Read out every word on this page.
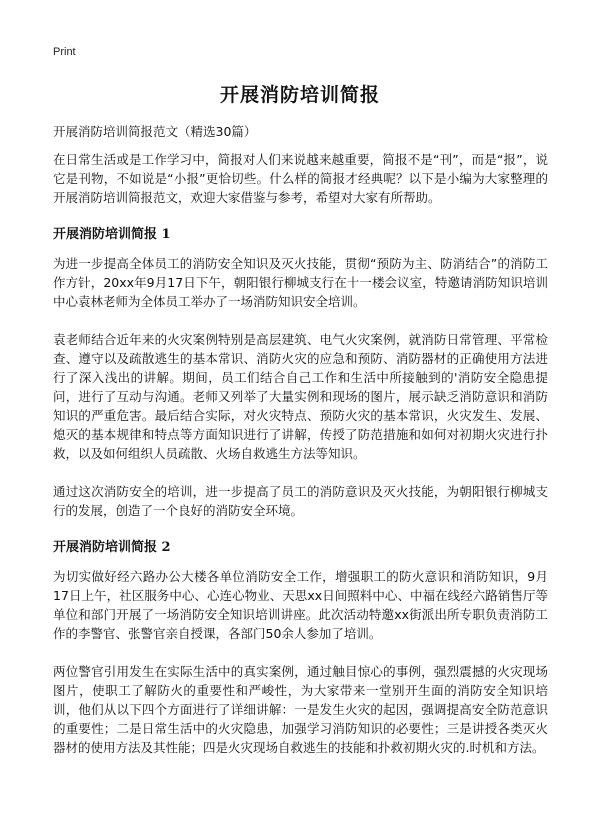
Print
开展消防培训简报
开展消防培训简报范文（精选30篇）

在日常生活或是工作学习中，简报对人们来说越来越重要，简报不是“刊”，而是“报”，说它是刊物，不如说是“小报”更恰切些。什么样的简报才经典呢？以下是小编为大家整理的开展消防培训简报范文，欢迎大家借鉴与参考，希望对大家有所帮助。

开展消防培训简报 1

为进一步提高全体员工的消防安全知识及灭火技能，贯彻“预防为主、防消结合”的消防工作方针，20xx年9月17日下午，朝阳银行柳城支行在十一楼会议室，特邀请消防知识培训中心袁林老师为全体员工举办了一场消防知识安全培训。

袁老师结合近年来的火灾案例特别是高层建筑、电气火灾案例，就消防日常管理、平常检查、遵守以及疏散逃生的基本常识、消防火灾的应急和预防、消防器材的正确使用方法进行了深入浅出的讲解。期间，员工们结合自己工作和生活中所接触到的'消防安全隐患提问，进行了互动与沟通。老师又列举了大量实例和现场的图片，展示缺乏消防意识和消防知识的严重危害。最后结合实际，对火灾特点、预防火灾的基本常识，火灾发生、发展、熄灭的基本规律和特点等方面知识进行了讲解，传授了防范措施和如何对初期火灾进行扑救，以及如何组织人员疏散、火场自救逃生方法等知识。

通过这次消防安全的培训，进一步提高了员工的消防意识及灭火技能，为朝阳银行柳城支行的发展，创造了一个良好的消防安全环境。

开展消防培训简报 2

为切实做好经六路办公大楼各单位消防安全工作，增强职工的防火意识和消防知识，9月17日上午，社区服务中心、心连心物业、天思xx日间照料中心、中福在线经六路销售厅等单位和部门开展了一场消防安全知识培训讲座。此次活动特邀xx街派出所专职负责消防工作的李警官、张警官亲自授课，各部门50余人参加了培训。

两位警官引用发生在实际生活中的真实案例，通过触目惊心的事例，强烈震撼的火灾现场图片，使职工了解防火的重要性和严峻性，为大家带来一堂别开生面的消防安全知识培训，他们从以下四个方面进行了详细讲解：一是发生火灾的起因，强调提高安全防范意识的重要性；二是日常生活中的火灾隐患，加强学习消防知识的必要性；三是讲授各类灭火器材的使用方法及其性能；四是火灾现场自救逃生的技能和扑救初期火灾的.时机和方法。
